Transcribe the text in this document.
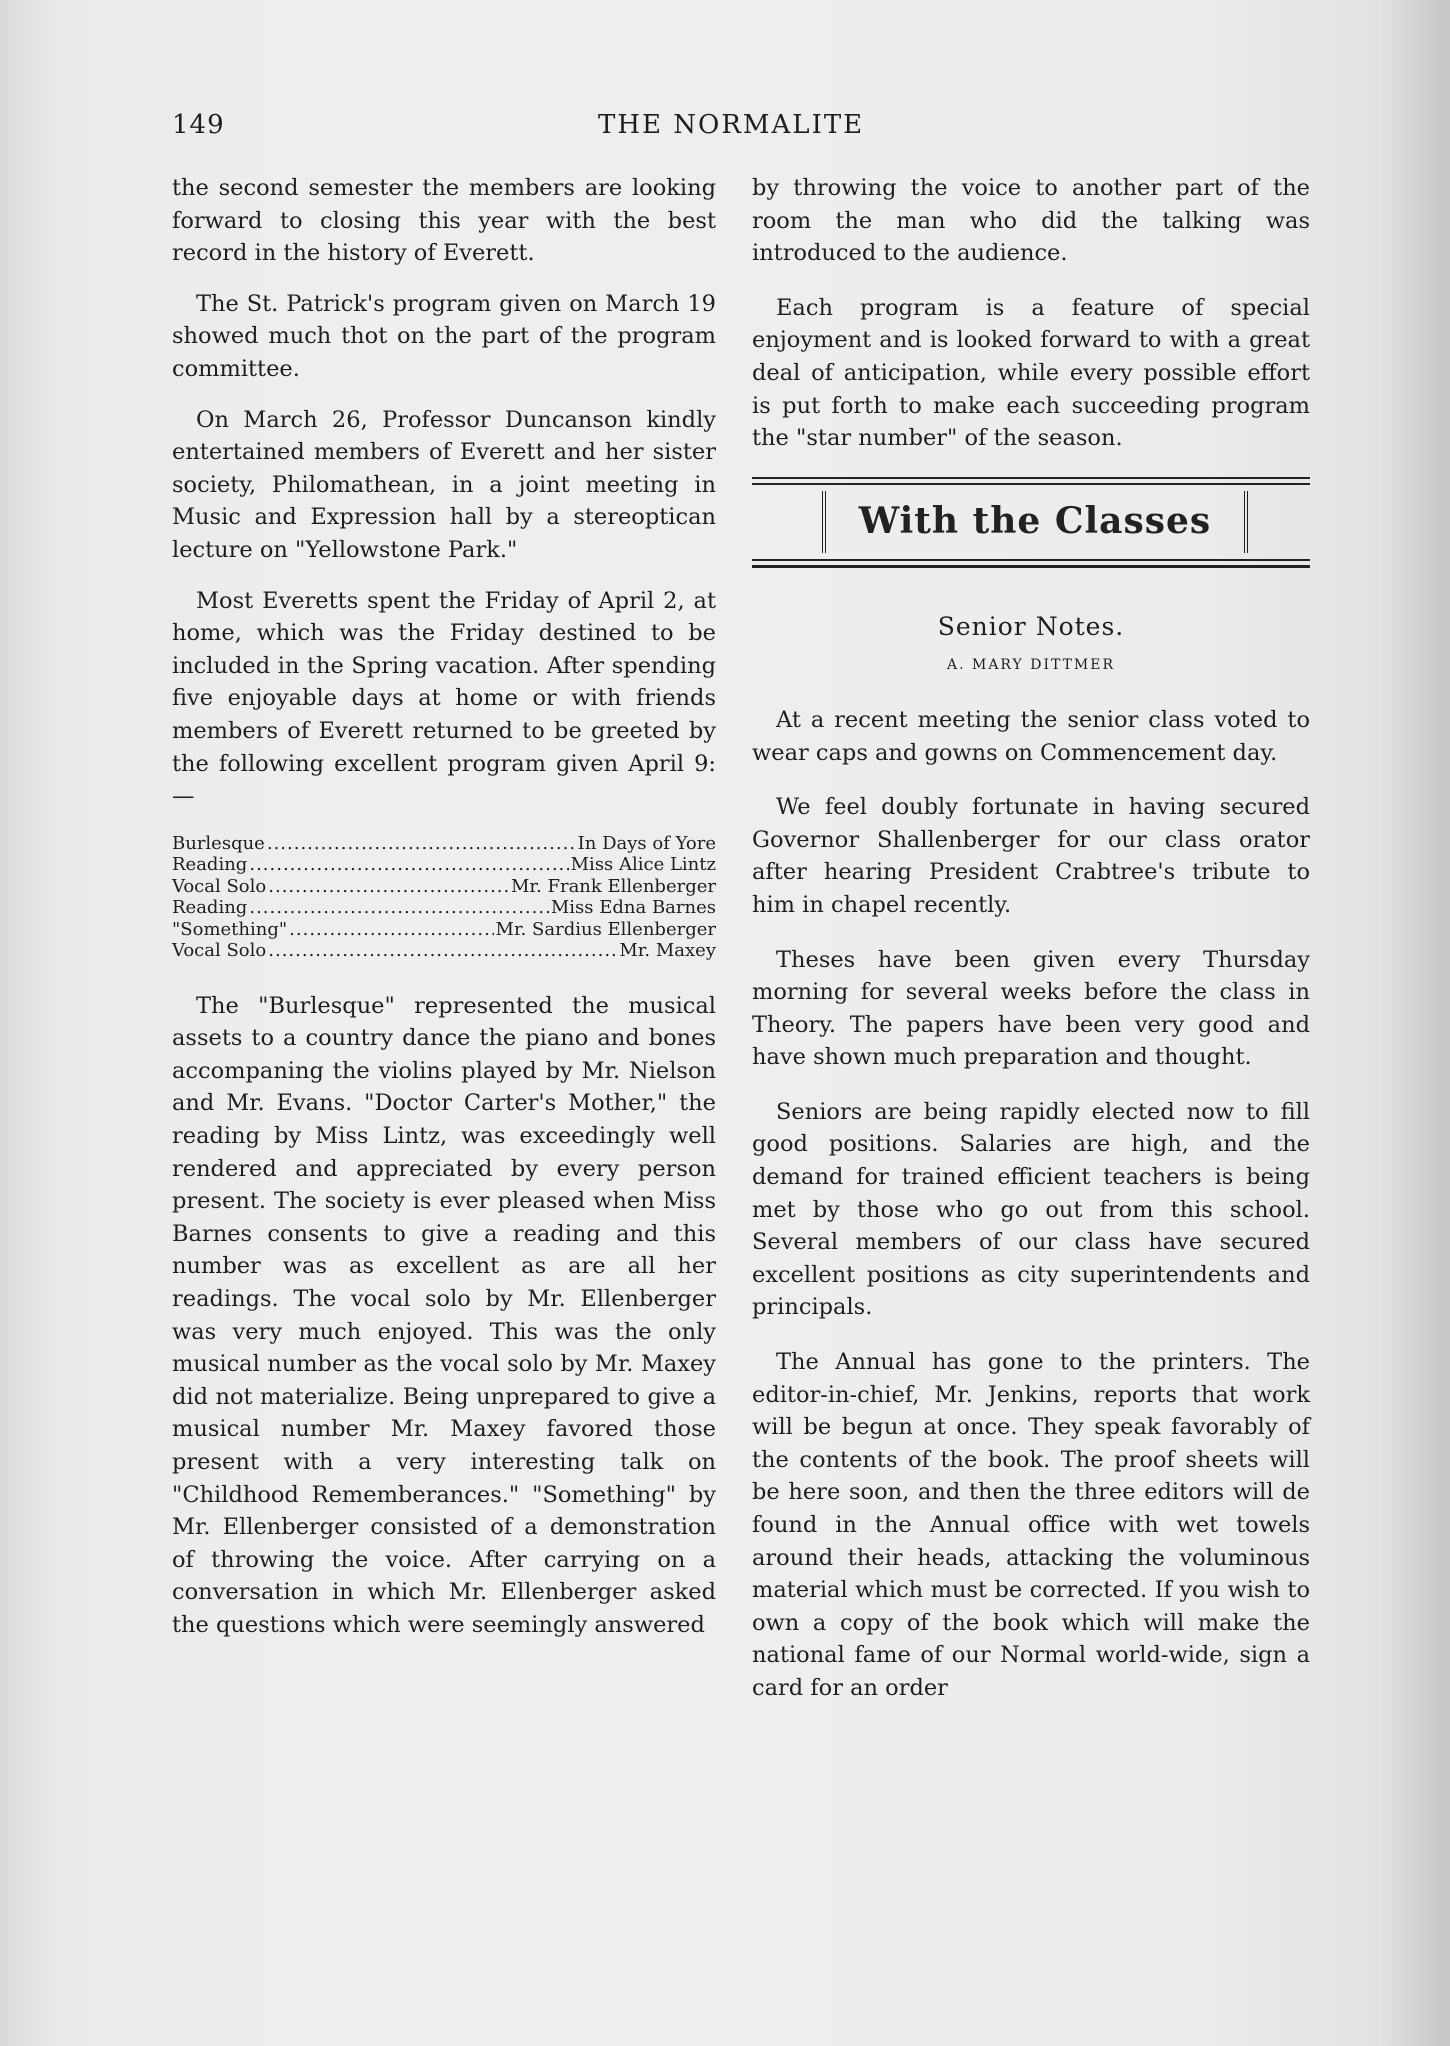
149	THE NORMALITE

the second semester the members are looking forward to closing this year with the best record in the history of Everett.

The St. Patrick's program given on March 19 showed much thot on the part of the program committee.

On March 26, Professor Duncanson kindly entertained members of Everett and her sister society, Philomathean, in a joint meeting in Music and Expression hall by a stereoptican lecture on "Yellowstone Park."

Most Everetts spent the Friday of April 2, at home, which was the Friday destined to be included in the Spring vacation. After spending five enjoyable days at home or with friends members of Everett returned to be greeted by the following excellent program given April 9:—

Burlesque .....	In Days of Yore
Reading .....	Miss Alice Lintz
Vocal Solo .....	Mr. Frank Ellenberger
Reading .....	Miss Edna Barnes
"Something" .....	Mr. Sardius Ellenberger
Vocal Solo .....	Mr. Maxey

The "Burlesque" represented the musical assets to a country dance the piano and bones accompaning the violins played by Mr. Nielson and Mr. Evans. "Doctor Carter's Mother," the reading by Miss Lintz, was exceedingly well rendered and appreciated by every person present. The society is ever pleased when Miss Barnes consents to give a reading and this number was as excellent as are all her readings. The vocal solo by Mr. Ellenberger was very much enjoyed. This was the only musical number as the vocal solo by Mr. Maxey did not materialize. Being unprepared to give a musical number Mr. Maxey favored those present with a very interesting talk on "Childhood Rememberances." "Something" by Mr. Ellenberger consisted of a demonstration of throwing the voice. After carrying on a conversation in which Mr. Ellenberger asked the questions which were seemingly answered

by throwing the voice to another part of the room the man who did the talking was introduced to the audience.

Each program is a feature of special enjoyment and is looked forward to with a great deal of anticipation, while every possible effort is put forth to make each succeeding program the "star number" of the season.

With the Classes
Senior Notes.
A. MARY DITTMER

At a recent meeting the senior class voted to wear caps and gowns on Commencement day.

We feel doubly fortunate in having secured Governor Shallenberger for our class orator after hearing President Crabtree's tribute to him in chapel recently.

Theses have been given every Thursday morning for several weeks before the class in Theory. The papers have been very good and have shown much preparation and thought.

Seniors are being rapidly elected now to fill good positions. Salaries are high, and the demand for trained efficient teachers is being met by those who go out from this school. Several members of our class have secured excellent positions as city superintendents and principals.

The Annual has gone to the printers. The editor-in-chief, Mr. Jenkins, reports that work will be begun at once. They speak favorably of the contents of the book. The proof sheets will be here soon, and then the three editors will de found in the Annual office with wet towels around their heads, attacking the voluminous material which must be corrected. If you wish to own a copy of the book which will make the national fame of our Normal world-wide, sign a card for an order
